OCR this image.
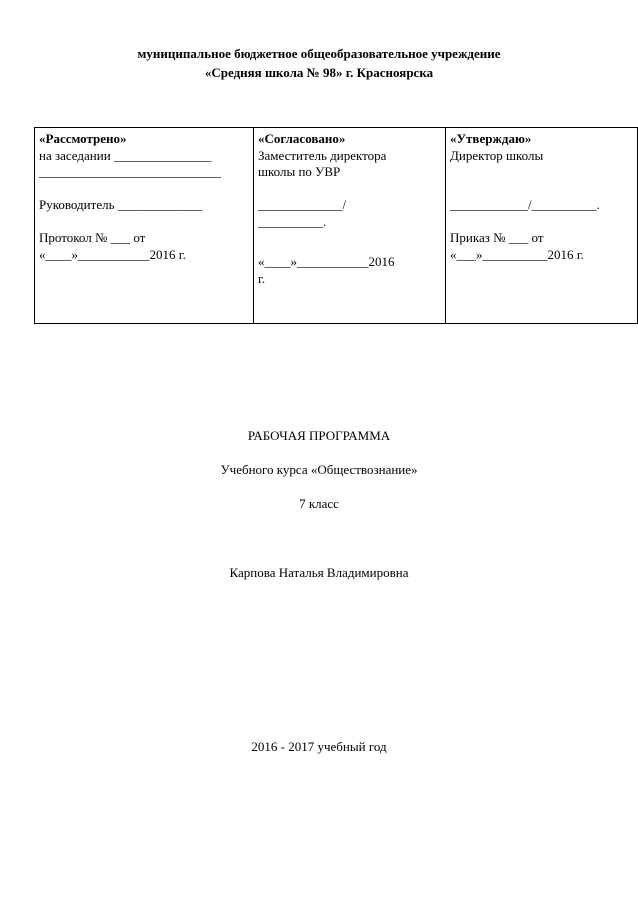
муниципальное бюджетное общеобразовательное учреждение
«Средняя школа № 98» г. Красноярска
«Рассмотрено»
на заседании _______________
____________________________
Руководитель _____________
Протокол № ___ от
«____»___________2016 г.

«Согласовано»
Заместитель директора
школы по УВР
_____________/
__________.
«____»___________2016
г.

«Утверждаю»
Директор школы
____________/__________.
Приказ № ___ от
«___»__________2016 г.
РАБОЧАЯ ПРОГРАММА
Учебного курса «Обществознание»
7 класс
Карпова Наталья Владимировна
2016 - 2017 учебный год
